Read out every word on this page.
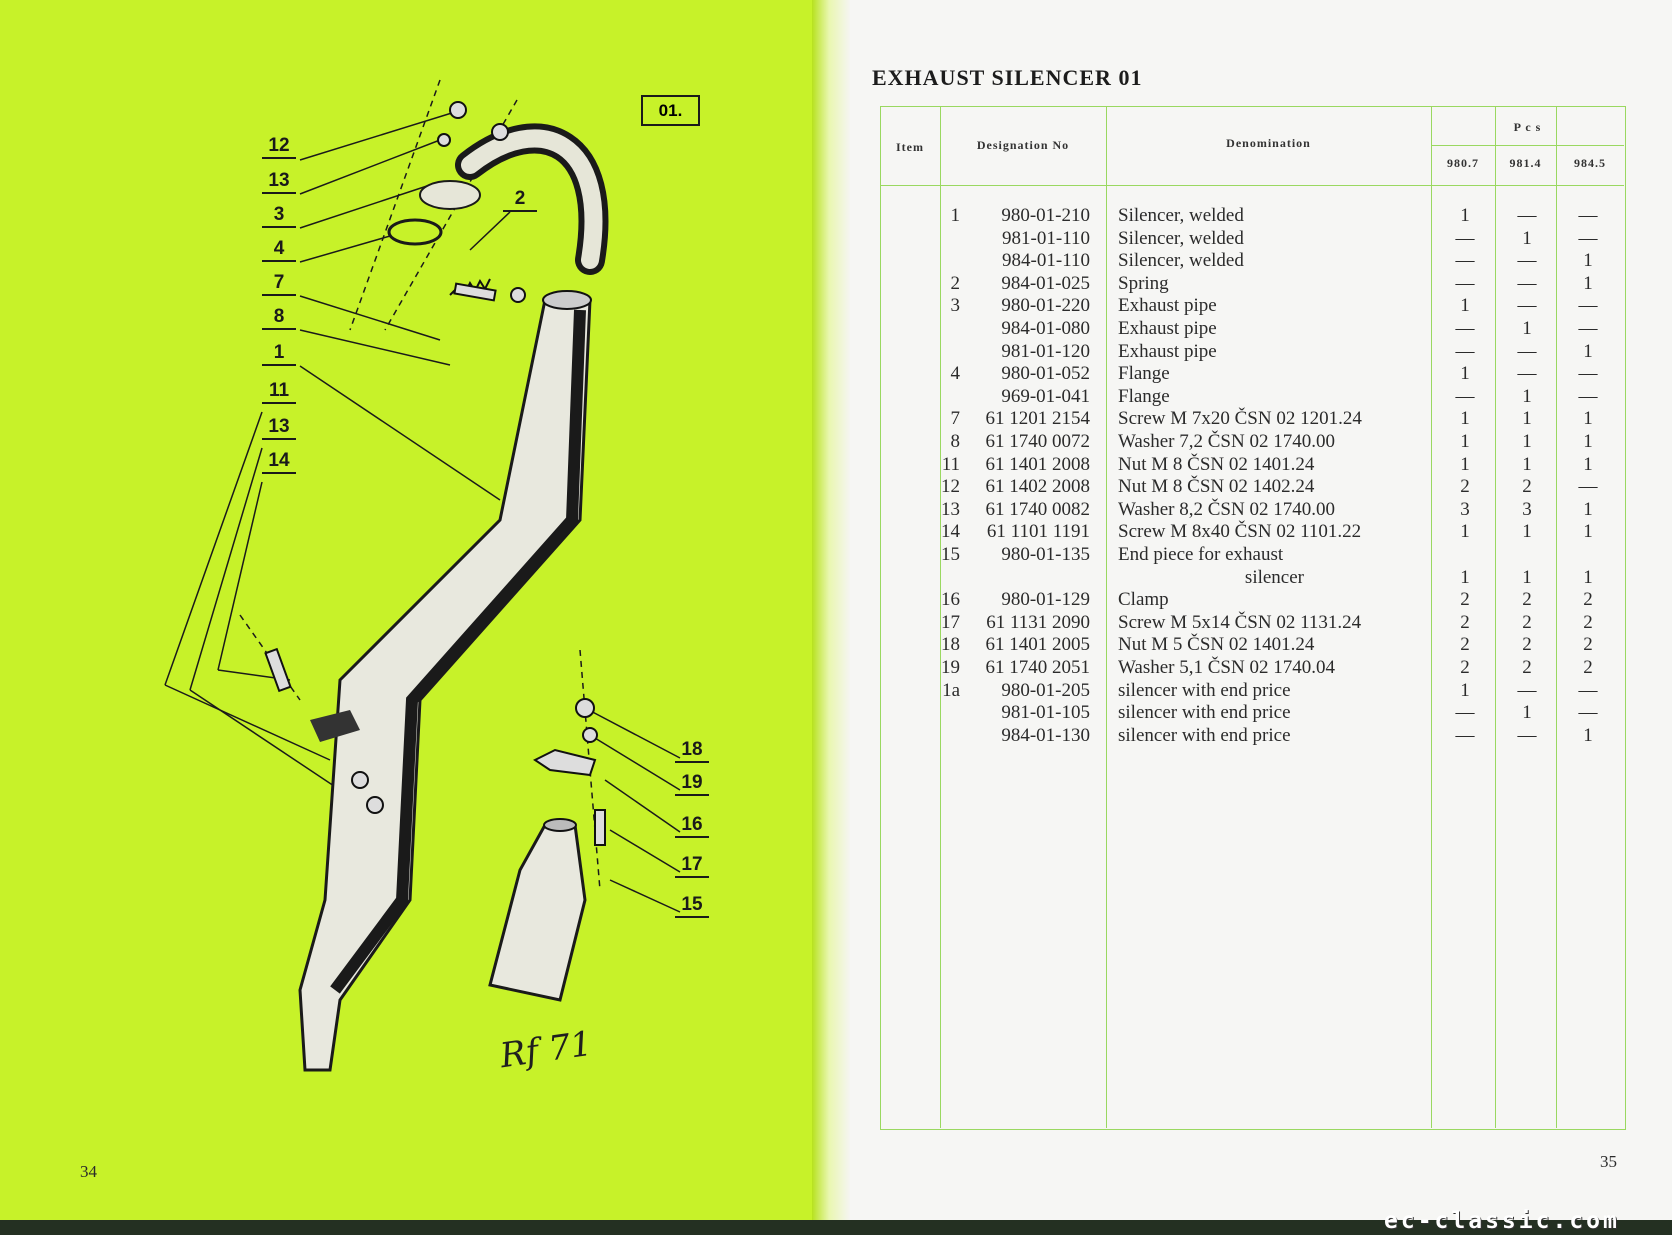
01.
12
13
3
4
7
8
1
11
13
14
2
18
19
16
17
15
Rf 71
34
EXHAUST SILENCER 01
Item	Designation No	Denomination
P c s
980.7	981.4	984.5
1	980-01-210 Silencer, welded	1	—	—
981-01-110 Silencer, welded	—	1	—
984-01-110 Silencer, welded	—	—	1
2	984-01-025 Spring	—	—	1
3	980-01-220 Exhaust pipe	1	—	—
984-01-080 Exhaust pipe	—	1	—
981-01-120 Exhaust pipe	—	—	1
4	980-01-052 Flange	1	—	—
969-01-041 Flange	—	1	—
7	61 1201 2154 Screw M 7x20 ČSN 02 1201.24	1	1	1
8	61 1740 0072 Washer 7,2 ČSN 02 1740.00	1	1	1
11	61 1401 2008 Nut M 8 ČSN 02 1401.24	1	1	1
12	61 1402 2008 Nut M 8 ČSN 02 1402.24	2	2	—
13	61 1740 0082 Washer 8,2 ČSN 02 1740.00	3	3	1
14	61 1101 1191 Screw M 8x40 ČSN 02 1101.22	1	1	1
15	980-01-135 End piece for exhaust
silencer	1	1	1
16	980-01-129 Clamp	2	2	2
17	61 1131 2090 Screw M 5x14 ČSN 02 1131.24	2	2	2
18	61 1401 2005 Nut M 5 ČSN 02 1401.24	2	2	2
19	61 1740 2051 Washer 5,1 ČSN 02 1740.04	2	2	2
1a	980-01-205 silencer with end price	1	—	—
981-01-105 silencer with end price	—	1	—
984-01-130 silencer with end price	—	—	1
35
ec-classic.com
